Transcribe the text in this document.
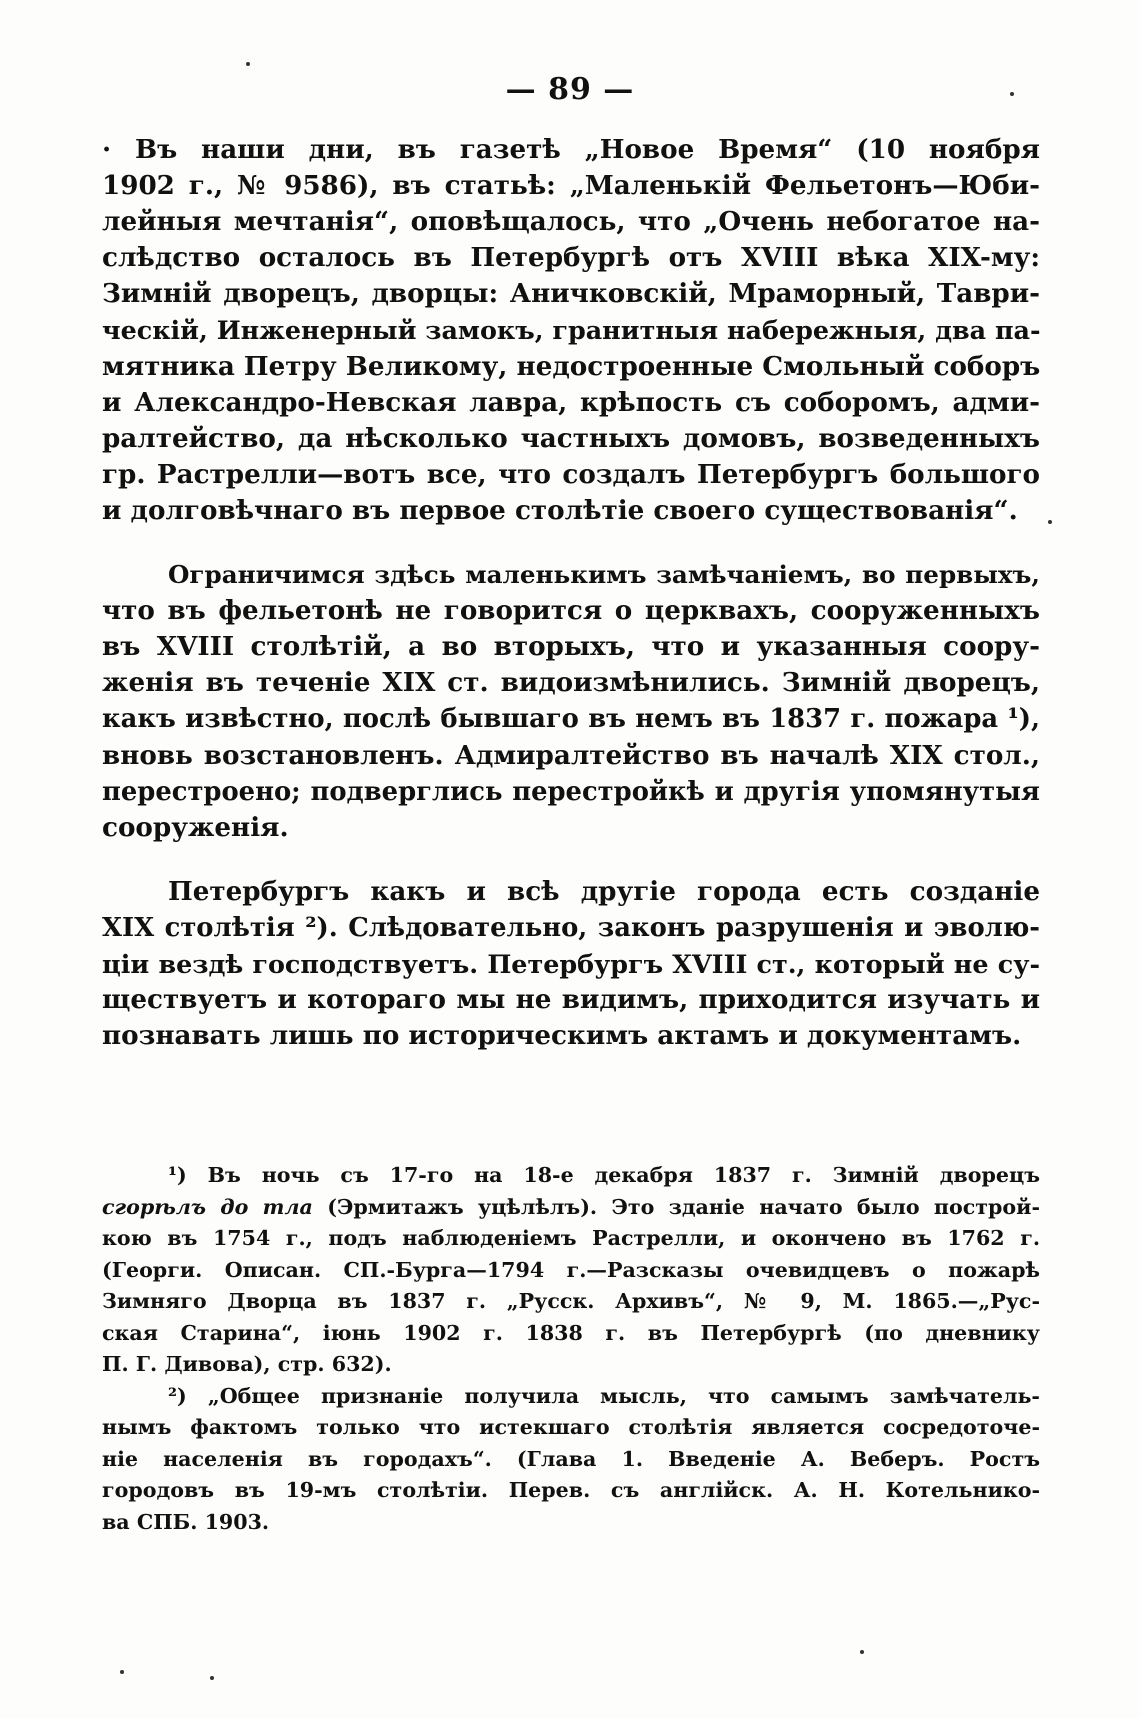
— 89 —

· Въ наши дни, въ газетѣ „Новое Время“ (10 ноября
1902 г., № 9586), въ статьѣ: „Маленькій Фельетонъ—Юби-
лейныя мечтанія“, оповѣщалось, что „Очень небогатое на-
слѣдство осталось въ Петербургѣ отъ XVIII вѣка XIX-му:
Зимній дворецъ, дворцы: Аничковскій, Мраморный, Таври-
ческій, Инженерный замокъ, гранитныя набережныя, два па-
мятника Петру Великому, недостроенные Смольный соборъ
и Александро-Невская лавра, крѣпость съ соборомъ, адми-
ралтейство, да нѣсколько частныхъ домовъ, возведенныхъ
гр. Растрелли—вотъ все, что создалъ Петербургъ большого
и долговѣчнаго въ первое столѣтіе своего существованія“.

Ограничимся здѣсь маленькимъ замѣчаніемъ, во первыхъ,
что въ фельетонѣ не говорится о церквахъ, сооруженныхъ
въ XVIII столѣтій, а во вторыхъ, что и указанныя соору-
женія въ теченіе XIX ст. видоизмѣнились. Зимній дворецъ,
какъ извѣстно, послѣ бывшаго въ немъ въ 1837 г. пожара ¹),
вновь возстановленъ. Адмиралтейство въ началѣ XIX стол.,
перестроено; подверглись перестройкѣ и другія упомянутыя
сооруженія.

Петербургъ какъ и всѣ другіе города есть созданіе
XIX столѣтія ²). Слѣдовательно, законъ разрушенія и эволю-
ціи вездѣ господствуетъ. Петербургъ XVIII ст., который не су-
ществуетъ и котораго мы не видимъ, приходится изучать и
познавать лишь по историческимъ актамъ и документамъ.

¹) Въ ночь съ 17-го на 18-е декабря 1837 г. Зимній дворецъ
сгорѣлъ до тла (Эрмитажъ уцѣлѣлъ). Это зданіе начато было построй-
кою въ 1754 г., подъ наблюденіемъ Растрелли, и окончено въ 1762 г.
(Георги. Описан. СП.-Бурга—1794 г.—Разсказы очевидцевъ о пожарѣ
Зимняго Дворца въ 1837 г. „Русск. Архивъ“, № 9, М. 1865.—„Рус-
ская Старина“, іюнь 1902 г. 1838 г. въ Петербургѣ (по дневнику
П. Г. Дивова), стр. 632).

²) „Общее признаніе получила мысль, что самымъ замѣчатель-
нымъ фактомъ только что истекшаго столѣтія является сосредоточе-
ніе населенія въ городахъ“. (Глава 1. Введеніе А. Веберъ. Ростъ
городовъ въ 19-мъ столѣтіи. Перев. съ англійск. А. Н. Котельнико-
ва СПБ. 1903.
